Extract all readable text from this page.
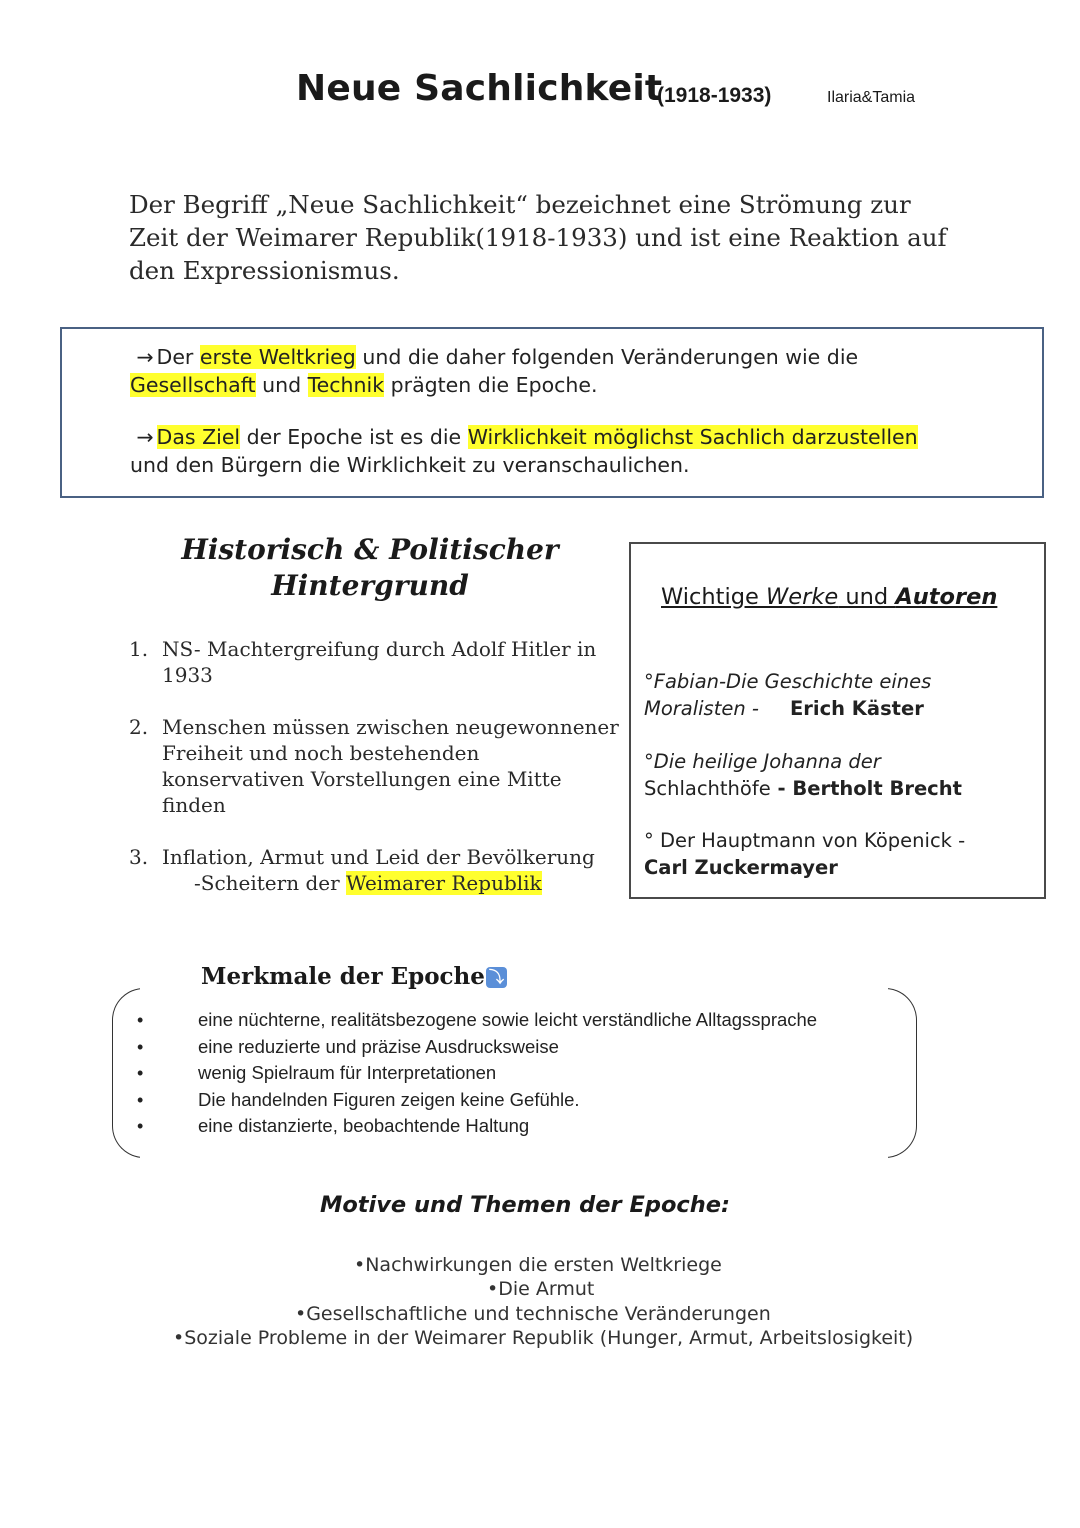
Neue Sachlichkeit
(1918-1933)	Ilaria&Tamia
Der Begriff „Neue Sachlichkeit“ bezeichnet eine Strömung zur Zeit der Weimarer Republik(1918-1933) und ist eine Reaktion auf den Expressionismus.
→ Der erste Weltkrieg und die daher folgenden Veränderungen wie die
Gesellschaft und Technik prägten die Epoche.
→ Das Ziel der Epoche ist es die Wirklichkeit möglichst Sachlich darzustellen
und den Bürgern die Wirklichkeit zu veranschaulichen.
Historisch & Politischer
Hintergrund
1. NS- Machtergreifung durch Adolf Hitler in 1933
2. Menschen müssen zwischen neugewonnener Freiheit und noch bestehenden konservativen Vorstellungen eine Mitte finden
3. Inflation, Armut und Leid der Bevölkerung
-Scheitern der Weimarer Republik
Wichtige Werke und Autoren
°Fabian-Die Geschichte eines
Moralisten -     Erich Käster
°Die heilige Johanna der
Schlachthöfe - Bertholt Brecht
° Der Hauptmann von Köpenick -
Carl Zuckermayer
Merkmale der Epoche ⤵
•	eine nüchterne, realitätsbezogene sowie leicht verständliche Alltagssprache
•	eine reduzierte und präzise Ausdrucksweise
•	wenig Spielraum für Interpretationen
•	Die handelnden Figuren zeigen keine Gefühle.
•	eine distanzierte, beobachtende Haltung
Motive und Themen der Epoche:
•Nachwirkungen die ersten Weltkriege
•Die Armut
•Gesellschaftliche und technische Veränderungen
•Soziale Probleme in der Weimarer Republik (Hunger, Armut, Arbeitslosigkeit)
